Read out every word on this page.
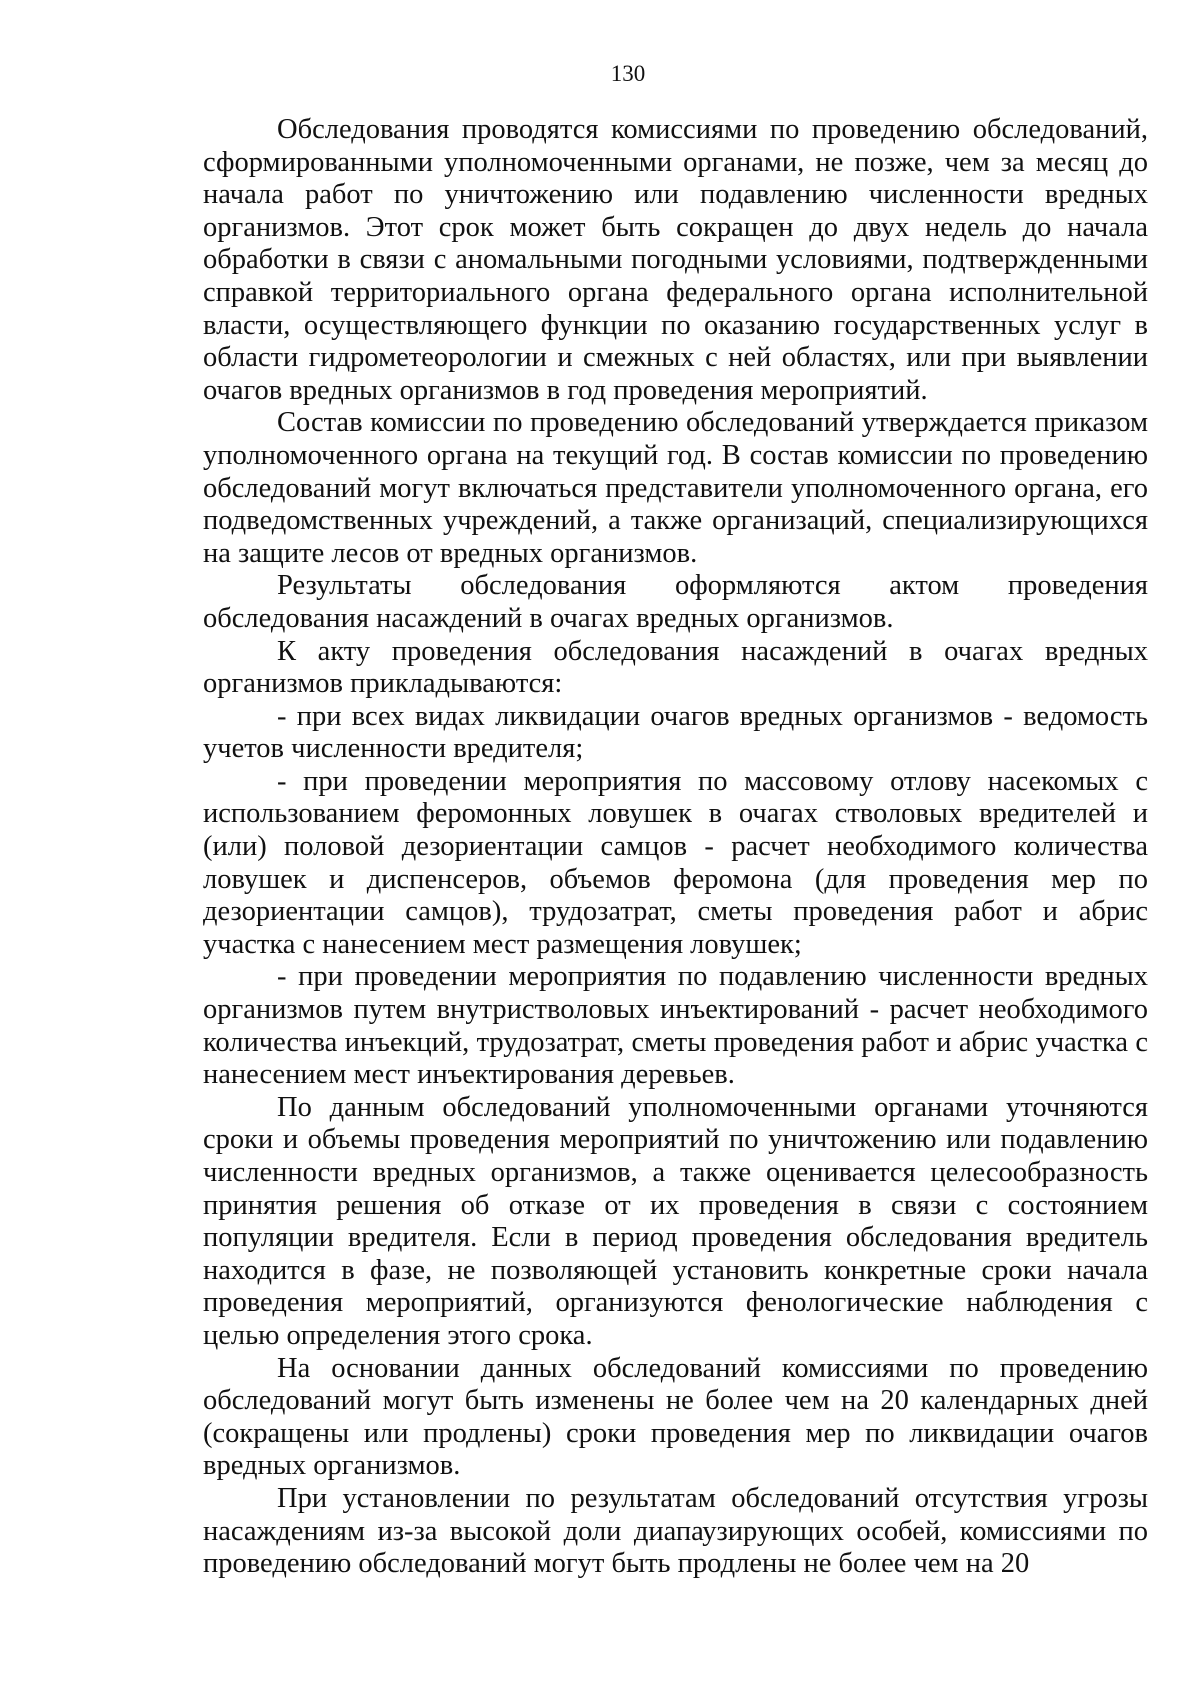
130

Обследования проводятся комиссиями по проведению обследований, сформированными уполномоченными органами, не позже, чем за месяц до начала работ по уничтожению или подавлению численности вредных организмов. Этот срок может быть сокращен до двух недель до начала обработки в связи с аномальными погодными условиями, подтвержденными справкой территориального органа федерального органа исполнительной власти, осуществляющего функции по оказанию государственных услуг в области гидрометеорологии и смежных с ней областях, или при выявлении очагов вредных организмов в год проведения мероприятий.

Состав комиссии по проведению обследований утверждается приказом уполномоченного органа на текущий год. В состав комиссии по проведению обследований могут включаться представители уполномоченного органа, его подведомственных учреждений, а также организаций, специализирующихся на защите лесов от вредных организмов.

Результаты обследования оформляются актом проведения обследования насаждений в очагах вредных организмов.

К акту проведения обследования насаждений в очагах вредных организмов прикладываются:

- при всех видах ликвидации очагов вредных организмов - ведомость учетов численности вредителя;

- при проведении мероприятия по массовому отлову насекомых с использованием феромонных ловушек в очагах стволовых вредителей и (или) половой дезориентации самцов - расчет необходимого количества ловушек и диспенсеров, объемов феромона (для проведения мер по дезориентации самцов), трудозатрат, сметы проведения работ и абрис участка с нанесением мест размещения ловушек;

- при проведении мероприятия по подавлению численности вредных организмов путем внутристволовых инъектирований - расчет необходимого количества инъекций, трудозатрат, сметы проведения работ и абрис участка с нанесением мест инъектирования деревьев.

По данным обследований уполномоченными органами уточняются сроки и объемы проведения мероприятий по уничтожению или подавлению численности вредных организмов, а также оценивается целесообразность принятия решения об отказе от их проведения в связи с состоянием популяции вредителя. Если в период проведения обследования вредитель находится в фазе, не позволяющей установить конкретные сроки начала проведения мероприятий, организуются фенологические наблюдения с целью определения этого срока.

На основании данных обследований комиссиями по проведению обследований могут быть изменены не более чем на 20 календарных дней (сокращены или продлены) сроки проведения мер по ликвидации очагов вредных организмов.

При установлении по результатам обследований отсутствия угрозы насаждениям из-за высокой доли диапаузирующих особей, комиссиями по проведению обследований могут быть продлены не более чем на 20
